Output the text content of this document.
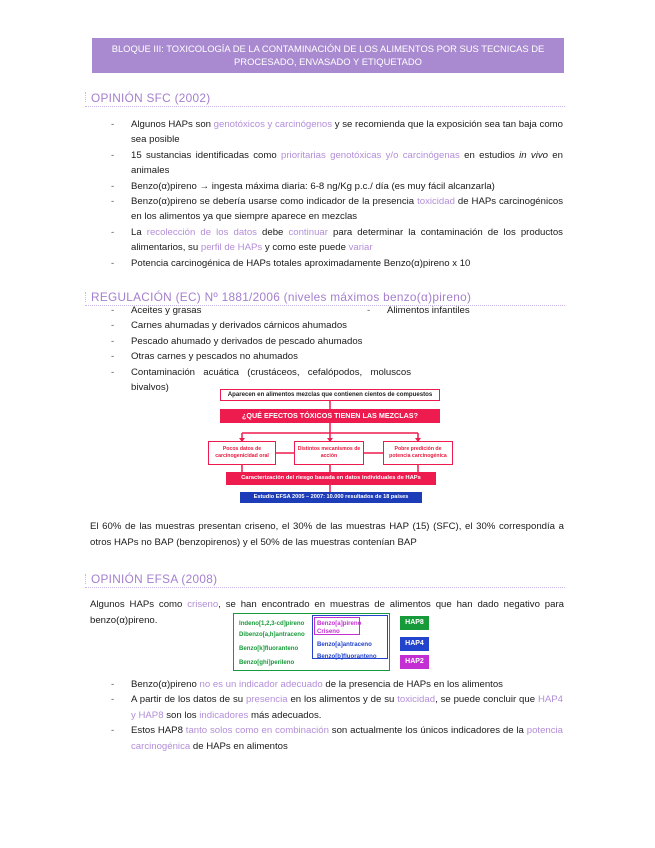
BLOQUE III: TOXICOLOGÍA DE LA CONTAMINACIÓN DE LOS ALIMENTOS POR SUS TECNICAS DE
PROCESADO, ENVASADO Y ETIQUETADO
OPINIÓN SFC (2002)
- Algunos HAPs son genotóxicos y carcinógenos y se recomienda que la exposición sea tan baja como sea posible
- 15 sustancias identificadas como prioritarias genotóxicas y/o carcinógenas en estudios in vivo en animales
- Benzo(α)pireno → ingesta máxima diaria: 6-8 ng/Kg p.c./ día (es muy fácil alcanzarla)
- Benzo(α)pireno se debería usarse como indicador de la presencia toxicidad de HAPs carcinogénicos en los alimentos ya que siempre aparece en mezclas
- La recolección de los datos debe continuar para determinar la contaminación de los productos alimentarios, su perfil de HAPs y como este puede variar
- Potencia carcinogénica de HAPs totales aproximadamente Benzo(α)pireno x 10
REGULACIÓN (EC) Nº 1881/2006 (niveles máximos benzo(α)pireno)
- Aceites y grasas
- Carnes ahumadas y derivados cárnicos ahumados
- Pescado ahumado y derivados de pescado ahumados
- Otras carnes y pescados no ahumados
- Contaminación acuática (crustáceos, cefalópodos, moluscos bivalvos)
- Alimentos infantiles
Aparecen en alimentos mezclas que contienen cientos de compuestos
¿QUÉ EFECTOS TÓXICOS TIENEN LAS MEZCLAS?
Pocos datos de carcinogenicidad oral
Distintos mecanismos de acción
Pobre predición de potencia carcinogénica
Caracterización del riesgo basada en datos individuales de HAPs
Estudio EFSA 2005 – 2007: 10.000 resultados de 18 países
El 60% de las muestras presentan criseno, el 30% de las muestras HAP (15) (SFC), el 30% correspondía a otros HAPs no BAP (benzopirenos) y el 50% de las muestras contenían BAP
OPINIÓN EFSA (2008)
Algunos HAPs como criseno, se han encontrado en muestras de alimentos que han dado negativo para benzo(α)pireno.	Indeno[1,2,3-cd]pireno
Dibenzo[a,h]antraceno
Benzo[k]fluoranteno
Benzo[ghi]perileno
Benzo[a]pireno
Criseno
Benzo[a]antraceno
Benzo[b]fluoranteno
HAP8
HAP4
HAP2
- Benzo(α)pireno no es un indicador adecuado de la presencia de HAPs en los alimentos
- A partir de los datos de su presencia en los alimentos y de su toxicidad, se puede concluir que HAP4 y HAP8 son los indicadores más adecuados.
- Estos HAP8 tanto solos como en combinación son actualmente los únicos indicadores de la potencia carcinogénica de HAPs en alimentos
